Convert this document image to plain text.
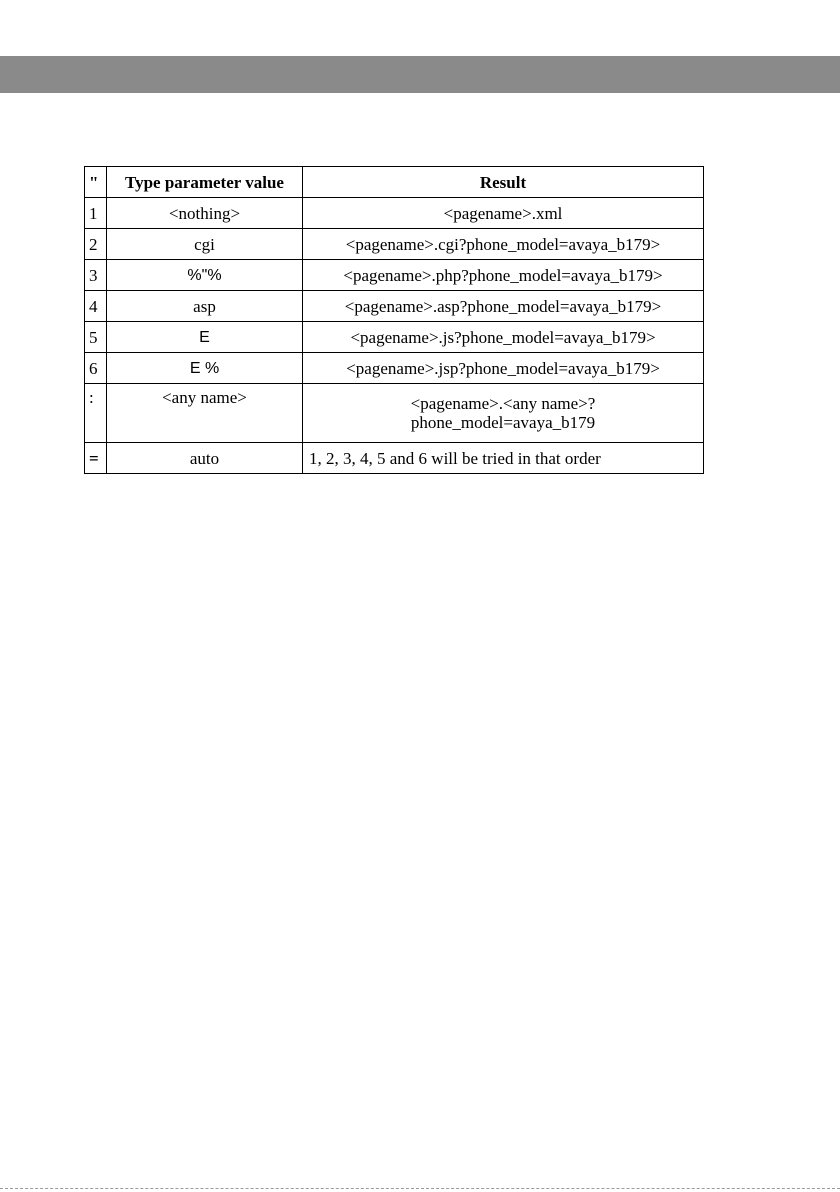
"	Type parameter value	Result
1	<nothing>	<pagename>.xml
2	cgi	<pagename>.cgi?phone_model=avaya_b179>
3	%"%	<pagename>.php?phone_model=avaya_b179>
4	asp	<pagename>.asp?phone_model=avaya_b179>
5	E	<pagename>.js?phone_model=avaya_b179>
6	E %	<pagename>.jsp?phone_model=avaya_b179>
:	<any name>	<pagename>.<any name>?
phone_model=avaya_b179

=	auto	1, 2, 3, 4, 5 and 6 will be tried in that order
